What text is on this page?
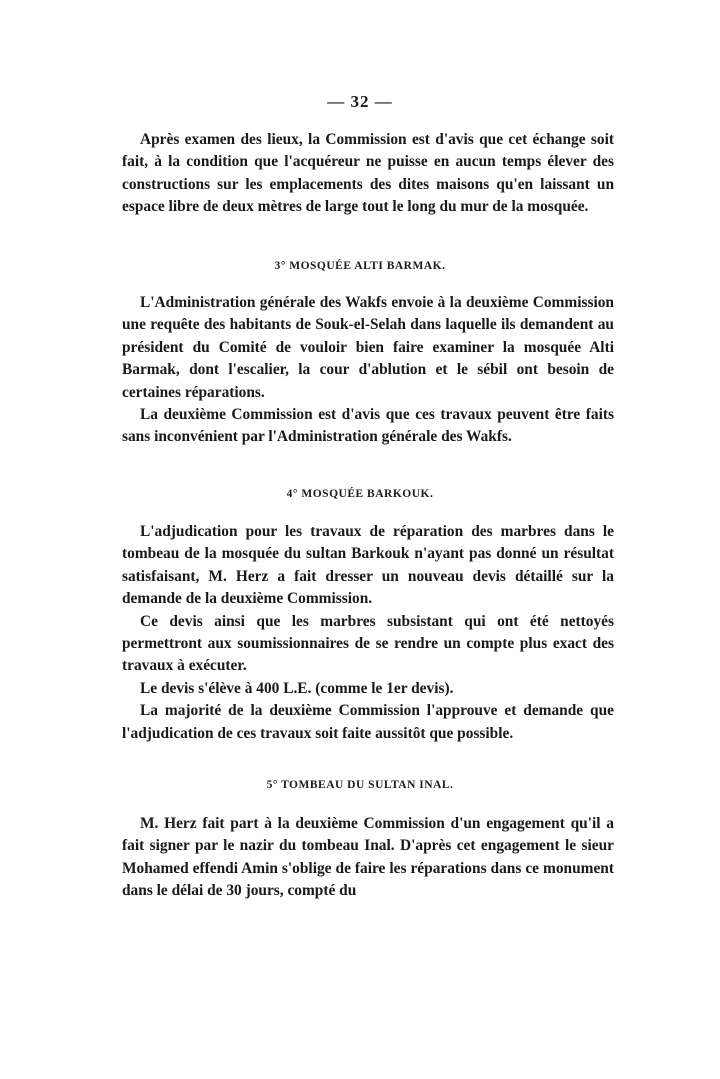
— 32 —

Après examen des lieux, la Commission est d'avis que cet échange soit fait, à la condition que l'acquéreur ne puisse en aucun temps élever des constructions sur les emplacements des dites maisons qu'en laissant un espace libre de deux mètres de large tout le long du mur de la mosquée.

3° MOSQUÉE ALTI BARMAK.

L'Administration générale des Wakfs envoie à la deuxième Commission une requête des habitants de Souk-el-Selah dans laquelle ils demandent au président du Comité de vouloir bien faire examiner la mosquée Alti Barmak, dont l'escalier, la cour d'ablution et le sébil ont besoin de certaines réparations.

La deuxième Commission est d'avis que ces travaux peuvent être faits sans inconvénient par l'Administration générale des Wakfs.

4° MOSQUÉE BARKOUK.

L'adjudication pour les travaux de réparation des marbres dans le tombeau de la mosquée du sultan Barkouk n'ayant pas donné un résultat satisfaisant, M. Herz a fait dresser un nouveau devis détaillé sur la demande de la deuxième Commission.

Ce devis ainsi que les marbres subsistant qui ont été nettoyés permettront aux soumissionnaires de se rendre un compte plus exact des travaux à exécuter.

Le devis s'élève à 400 L.E. (comme le 1er devis).

La majorité de la deuxième Commission l'approuve et demande que l'adjudication de ces travaux soit faite aussitôt que possible.

5° TOMBEAU DU SULTAN INAL.

M. Herz fait part à la deuxième Commission d'un engagement qu'il a fait signer par le nazir du tombeau Inal. D'après cet engagement le sieur Mohamed effendi Amin s'oblige de faire les réparations dans ce monument dans le délai de 30 jours, compté du
